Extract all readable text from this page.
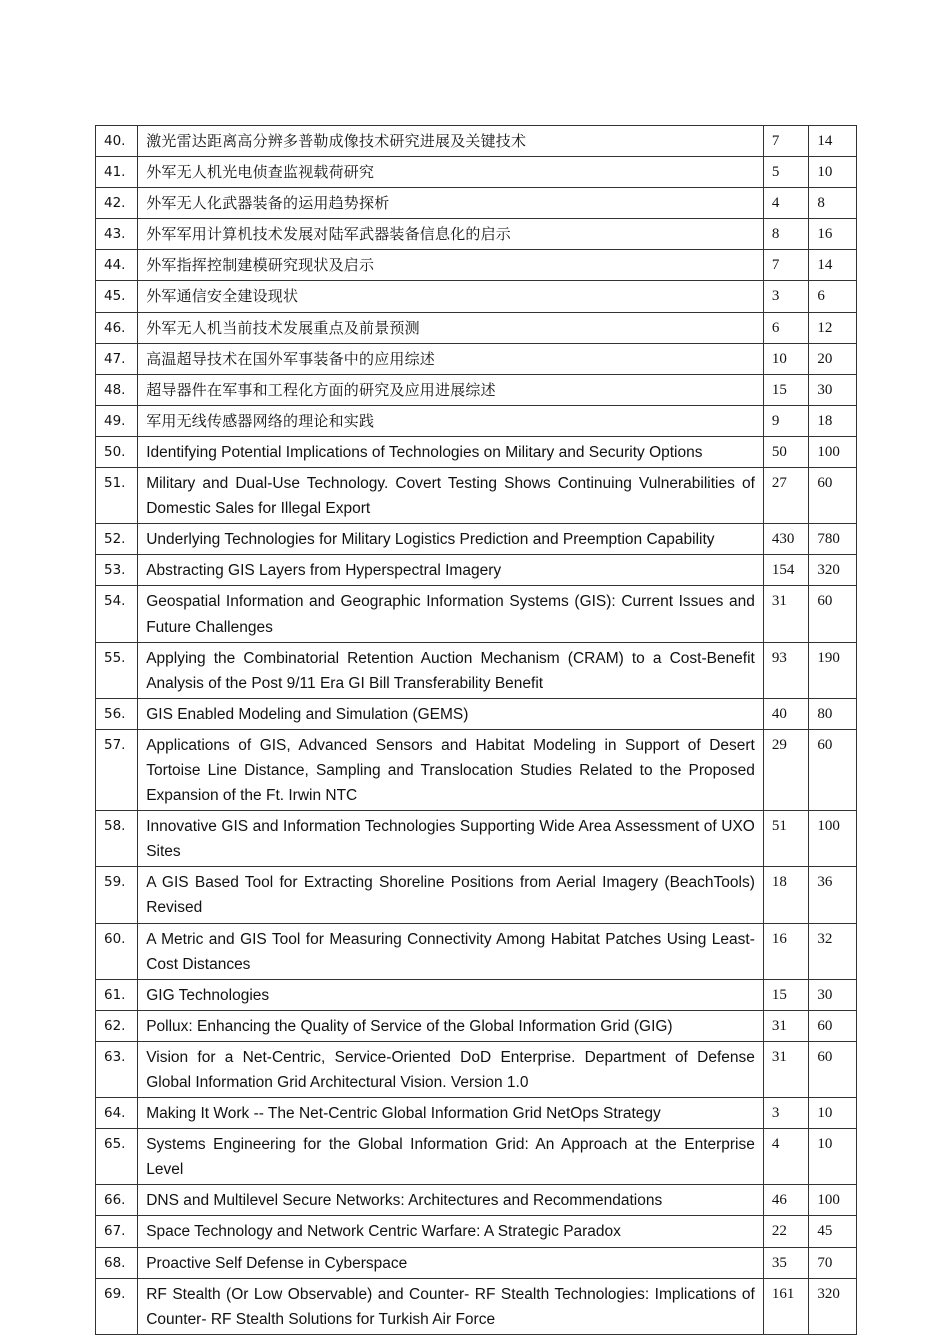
40.	激光雷达距离高分辨多普勒成像技术研究进展及关键技术	7	14
41.	外军无人机光电侦查监视载荷研究	5	10
42.	外军无人化武器装备的运用趋势探析	4	8
43.	外军军用计算机技术发展对陆军武器装备信息化的启示	8	16
44.	外军指挥控制建模研究现状及启示	7	14
45.	外军通信安全建设现状	3	6
46.	外军无人机当前技术发展重点及前景预测	6	12
47.	高温超导技术在国外军事装备中的应用综述	10	20
48.	超导器件在军事和工程化方面的研究及应用进展综述	15	30
49.	军用无线传感器网络的理论和实践	9	18
50.	Identifying Potential Implications of Technologies on Military and Security Options	50	100
51.	Military and Dual-Use Technology. Covert Testing Shows Continuing Vulnerabilities of Domestic Sales for Illegal Export	27	60
52.	Underlying Technologies for Military Logistics Prediction and Preemption Capability	430	780
53.	Abstracting GIS Layers from Hyperspectral Imagery	154	320
54.	Geospatial Information and Geographic Information Systems (GIS): Current Issues and Future Challenges	31	60
55.	Applying the Combinatorial Retention Auction Mechanism (CRAM) to a Cost-Benefit Analysis of the Post 9/11 Era GI Bill Transferability Benefit	93	190
56.	GIS Enabled Modeling and Simulation (GEMS)	40	80
57.	Applications of GIS, Advanced Sensors and Habitat Modeling in Support of Desert Tortoise Line Distance, Sampling and Translocation Studies Related to the Proposed Expansion of the Ft. Irwin NTC	29	60
58.	Innovative GIS and Information Technologies Supporting Wide Area Assessment of UXO Sites	51	100
59.	A GIS Based Tool for Extracting Shoreline Positions from Aerial Imagery (BeachTools) Revised	18	36
60.	A Metric and GIS Tool for Measuring Connectivity Among Habitat Patches Using Least-Cost Distances	16	32
61.	GIG Technologies	15	30
62.	Pollux: Enhancing the Quality of Service of the Global Information Grid (GIG)	31	60
63.	Vision for a Net-Centric, Service-Oriented DoD Enterprise. Department of Defense Global Information Grid Architectural Vision. Version 1.0	31	60
64.	Making It Work -- The Net-Centric Global Information Grid NetOps Strategy	3	10
65.	Systems Engineering for the Global Information Grid: An Approach at the Enterprise Level	4	10
66.	DNS and Multilevel Secure Networks: Architectures and Recommendations	46	100
67.	Space Technology and Network Centric Warfare: A Strategic Paradox	22	45
68.	Proactive Self Defense in Cyberspace	35	70
69.	RF Stealth (Or Low Observable) and Counter- RF Stealth Technologies: Implications of Counter- RF Stealth Solutions for Turkish Air Force	161	320
